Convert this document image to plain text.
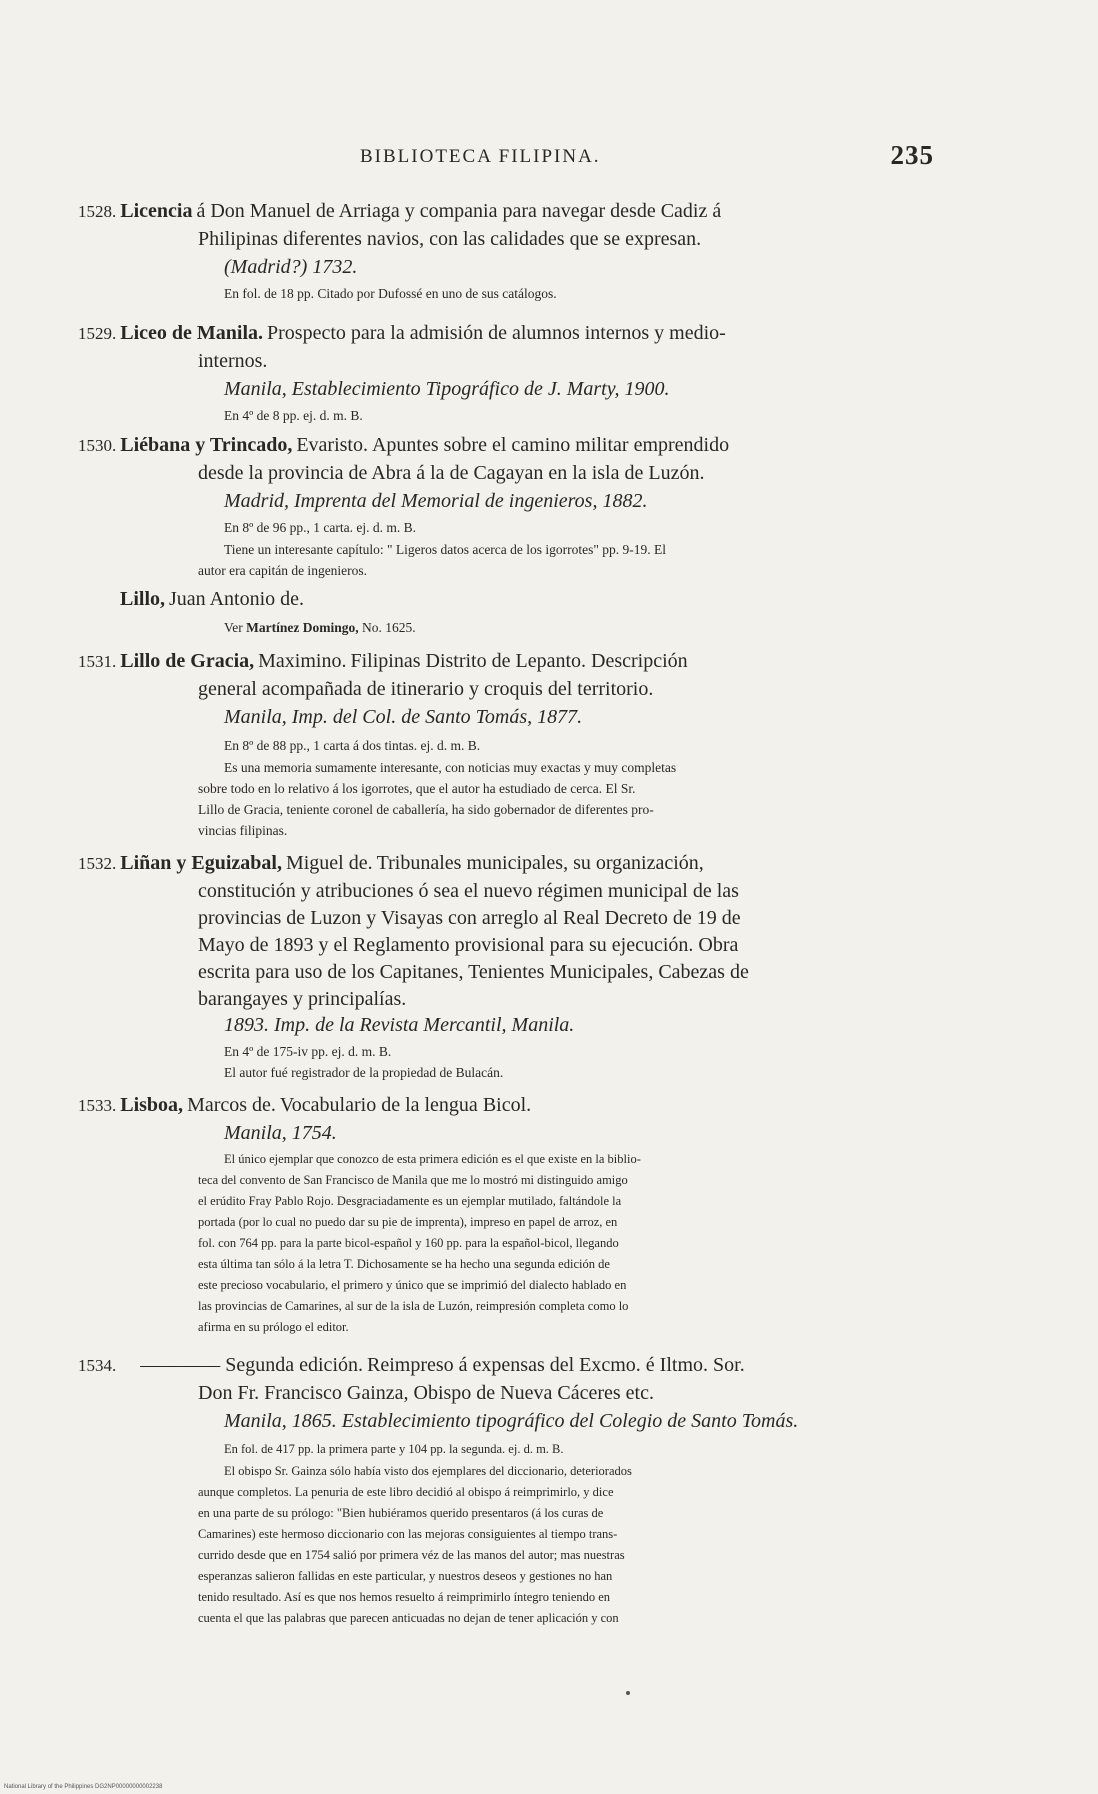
BIBLIOTECA FILIPINA.	235
1528. Licencia á Don Manuel de Arriaga y compania para navegar desde Cadiz á
Philipinas diferentes navios, con las calidades que se expresan.
(Madrid?) 1732.
En fol. de 18 pp. Citado por Dufossé en uno de sus catálogos.
1529. Liceo de Manila. Prospecto para la admisión de alumnos internos y medio-
internos.
Manila, Establecimiento Tipográfico de J. Marty, 1900.
En 4º de 8 pp. ej. d. m. B.
1530. Liébana y Trincado, Evaristo. Apuntes sobre el camino militar emprendido
desde la provincia de Abra á la de Cagayan en la isla de Luzón.
Madrid, Imprenta del Memorial de ingenieros, 1882.
En 8º de 96 pp., 1 carta. ej. d. m. B.
Tiene un interesante capítulo: " Ligeros datos acerca de los igorrotes" pp. 9-19. El
autor era capitán de ingenieros.
Lillo, Juan Antonio de.
Ver Martínez Domingo, No. 1625.
1531. Lillo de Gracia, Maximino. Filipinas Distrito de Lepanto. Descripción
general acompañada de itinerario y croquis del territorio.
Manila, Imp. del Col. de Santo Tomás, 1877.
En 8º de 88 pp., 1 carta á dos tintas. ej. d. m. B.
Es una memoria sumamente interesante, con noticias muy exactas y muy completas
sobre todo en lo relativo á los igorrotes, que el autor ha estudiado de cerca. El Sr.
Lillo de Gracia, teniente coronel de caballería, ha sido gobernador de diferentes pro-
vincias filipinas.
1532. Liñan y Eguizabal, Miguel de. Tribunales municipales, su organización,
constitución y atribuciones ó sea el nuevo régimen municipal de las
provincias de Luzon y Visayas con arreglo al Real Decreto de 19 de
Mayo de 1893 y el Reglamento provisional para su ejecución. Obra
escrita para uso de los Capitanes, Tenientes Municipales, Cabezas de
barangayes y principalías.
1893. Imp. de la Revista Mercantil, Manila.
En 4º de 175-iv pp. ej. d. m. B.
El autor fué registrador de la propiedad de Bulacán.
1533. Lisboa, Marcos de. Vocabulario de la lengua Bicol.
Manila, 1754.
El único ejemplar que conozco de esta primera edición es el que existe en la biblio-
teca del convento de San Francisco de Manila que me lo mostró mi distinguido amigo
el erúdito Fray Pablo Rojo. Desgraciadamente es un ejemplar mutilado, faltándole la
portada (por lo cual no puedo dar su pie de imprenta), impreso en papel de arroz, en
fol. con 764 pp. para la parte bicol-español y 160 pp. para la español-bicol, llegando
esta última tan sólo á la letra T. Dichosamente se ha hecho una segunda edición de
este precioso vocabulario, el primero y único que se imprimió del dialecto hablado en
las provincias de Camarines, al sur de la isla de Luzón, reimpresión completa como lo
afirma en su prólogo el editor.
1534. ———— Segunda edición. Reimpreso á expensas del Excmo. é Iltmo. Sor.
Don Fr. Francisco Gainza, Obispo de Nueva Cáceres etc.
Manila, 1865. Establecimiento tipográfico del Colegio de Santo Tomás.
En fol. de 417 pp. la primera parte y 104 pp. la segunda. ej. d. m. B.
El obispo Sr. Gainza sólo había visto dos ejemplares del diccionario, deteriorados
aunque completos. La penuria de este libro decidió al obispo á reimprimirlo, y dice
en una parte de su prólogo: "Bien hubiéramos querido presentaros (á los curas de
Camarines) este hermoso diccionario con las mejoras consiguientes al tiempo trans-
currido desde que en 1754 salió por primera véz de las manos del autor; mas nuestras
esperanzas salieron fallidas en este particular, y nuestros deseos y gestiones no han
tenido resultado. Así es que nos hemos resuelto á reimprimirlo íntegro teniendo en
cuenta el que las palabras que parecen anticuadas no dejan de tener aplicación y con
National Library of the Philippines DG2NP00000000002238
